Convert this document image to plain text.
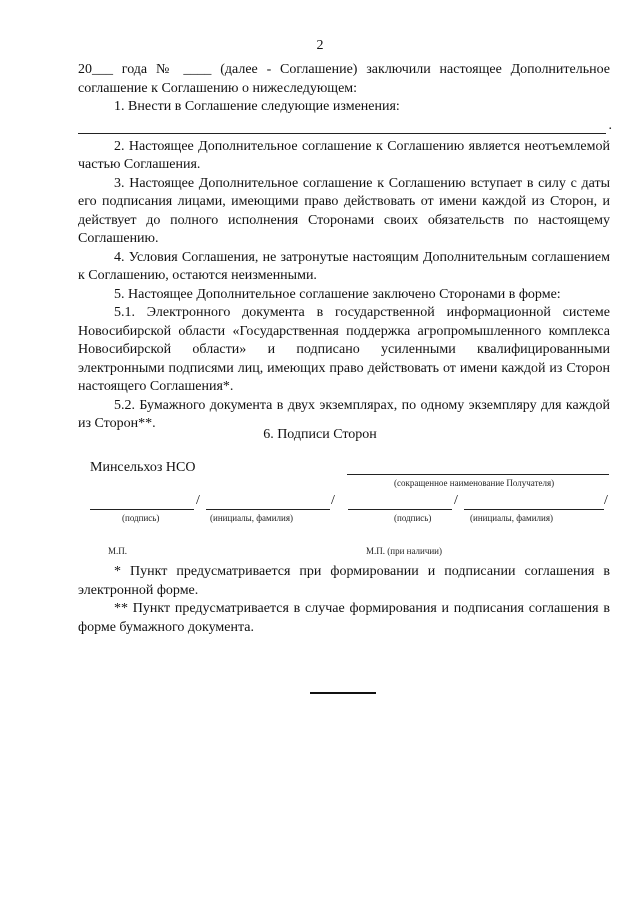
2

20___ года № ____ (далее - Соглашение) заключили настоящее Дополнительное соглашение к Соглашению о нижеследующем:

1. Внести в Соглашение следующие изменения:

.

2. Настоящее Дополнительное соглашение к Соглашению является неотъемлемой частью Соглашения.

3. Настоящее Дополнительное соглашение к Соглашению вступает в силу с даты его подписания лицами, имеющими право действовать от имени каждой из Сторон, и действует до полного исполнения Сторонами своих обязательств по настоящему Соглашению.

4. Условия Соглашения, не затронутые настоящим Дополнительным соглашением к Соглашению, остаются неизменными.

5. Настоящее Дополнительное соглашение заключено Сторонами в форме:

5.1. Электронного документа в государственной информационной системе Новосибирской области «Государственная поддержка агропромышленного комплекса Новосибирской области» и подписано усиленными квалифицированными электронными подписями лиц, имеющих право действовать от имени каждой из Сторон настоящего Соглашения*.

5.2. Бумажного документа в двух экземплярах, по одному экземпляру для каждой из Сторон**.

6. Подписи Сторон
Минсельхоз НСО
(сокращенное наименование Получателя)
/	/
(подпись)	(инициалы, фамилия)
/	/
(подпись)	(инициалы, фамилия)
М.П.	М.П. (при наличии)

* Пункт предусматривается при формировании и подписании соглашения в электронной форме.

** Пункт предусматривается в случае формирования и подписания соглашения в форме бумажного документа.
